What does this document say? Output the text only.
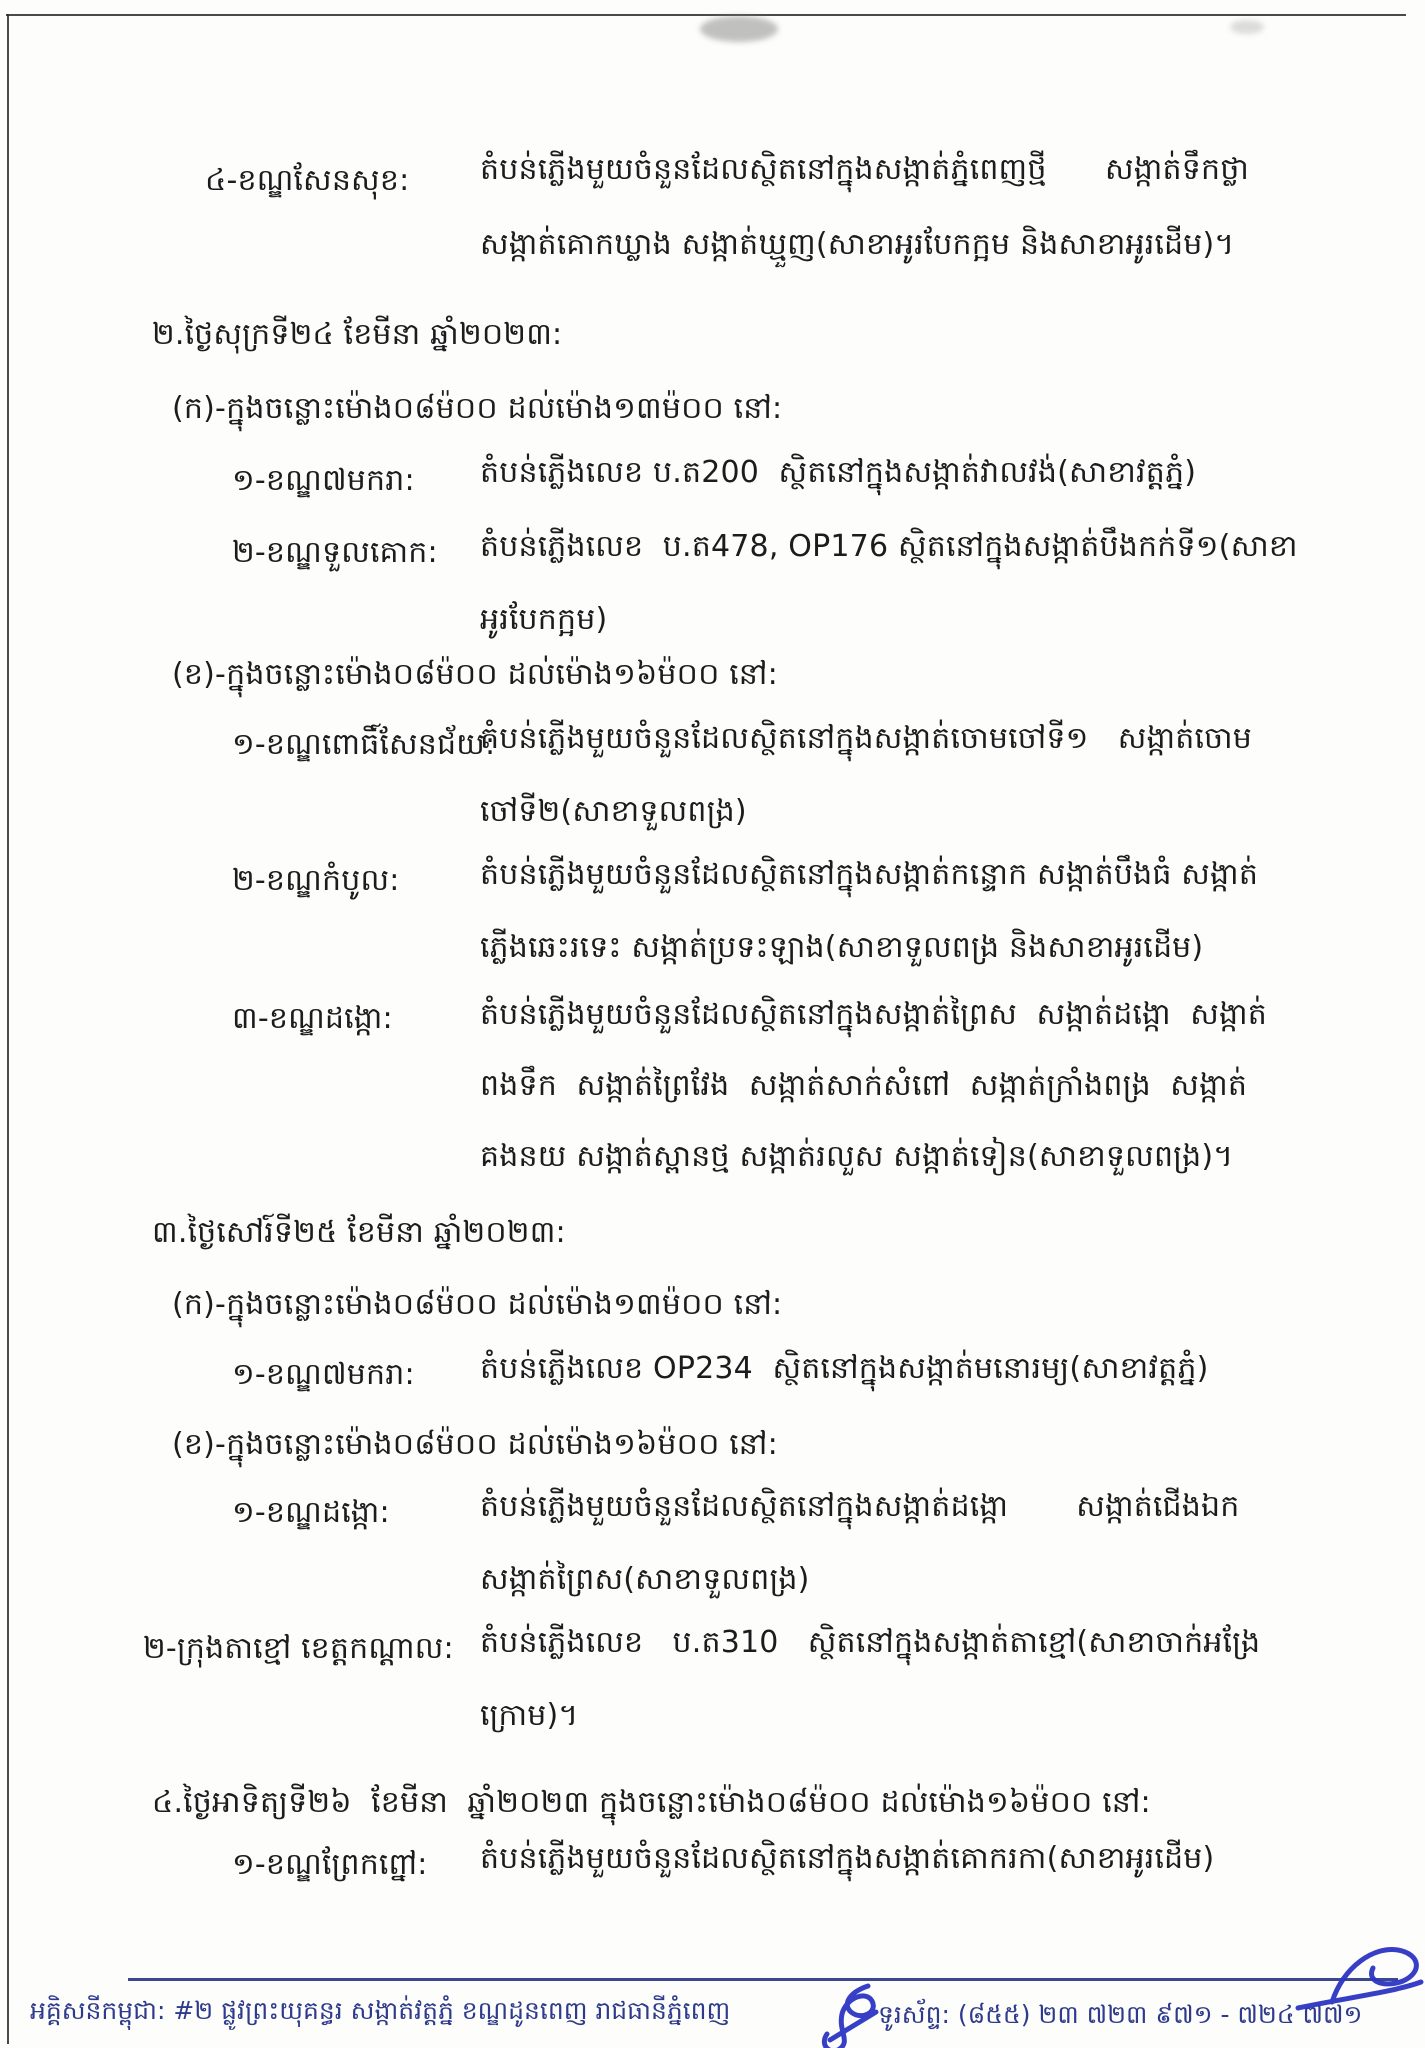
៤-ខណ្ឌសែនសុខ: តំបន់ភ្លើងមួយចំនួនដែលស្ថិតនៅក្នុងសង្កាត់ភ្នំពេញថ្មី      សង្កាត់ទឹកថ្លា
សង្កាត់គោកឃ្លាង សង្កាត់ឃ្មួញ(សាខាអូរបែកក្អម និងសាខាអូរដើម)។
២.ថ្ងៃសុក្រទី២៤ ខែមីនា ឆ្នាំ២០២៣:
(ក)-ក្នុងចន្លោះម៉ោង០៨ម៉០០ ដល់ម៉ោង១៣ម៉០០ នៅ:
១-ខណ្ឌ៧មករា: តំបន់ភ្លើងលេខ ប.ត200  ស្ថិតនៅក្នុងសង្កាត់វាលវង់(សាខាវត្តភ្នំ)
២-ខណ្ឌទួលគោក: តំបន់ភ្លើងលេខ  ប.ត478, OP176 ស្ថិតនៅក្នុងសង្កាត់បឹងកក់ទី១(សាខា
អូរបែកក្អម)
(ខ)-ក្នុងចន្លោះម៉ោង០៨ម៉០០ ដល់ម៉ោង១៦ម៉០០ នៅ:
១-ខណ្ឌពោធិ៍សែនជ័យ:
តំបន់ភ្លើងមួយចំនួនដែលស្ថិតនៅក្នុងសង្កាត់ចោមចៅទី១   សង្កាត់ចោម
ចៅទី២(សាខាទួលពង្រ)
២-ខណ្ឌកំបូល:	តំបន់ភ្លើងមួយចំនួនដែលស្ថិតនៅក្នុងសង្កាត់កន្ទោក សង្កាត់បឹងធំ សង្កាត់
ភ្លើងឆេះរទេះ សង្កាត់ប្រទះឡាង(សាខាទួលពង្រ និងសាខាអូរដើម)
៣-ខណ្ឌដង្កោ:	តំបន់ភ្លើងមួយចំនួនដែលស្ថិតនៅក្នុងសង្កាត់ព្រៃស  សង្កាត់ដង្កោ  សង្កាត់
ពងទឹក  សង្កាត់ព្រៃវែង  សង្កាត់សាក់សំពៅ  សង្កាត់ក្រាំងពង្រ  សង្កាត់
គងនយ សង្កាត់ស្ពានថ្ម សង្កាត់រលួស សង្កាត់ទៀន(សាខាទួលពង្រ)។
៣.ថ្ងៃសៅរ៍ទី២៥ ខែមីនា ឆ្នាំ២០២៣:
(ក)-ក្នុងចន្លោះម៉ោង០៨ម៉០០ ដល់ម៉ោង១៣ម៉០០ នៅ:
១-ខណ្ឌ៧មករា: តំបន់ភ្លើងលេខ OP234  ស្ថិតនៅក្នុងសង្កាត់មនោរម្យ(សាខាវត្តភ្នំ)
(ខ)-ក្នុងចន្លោះម៉ោង០៨ម៉០០ ដល់ម៉ោង១៦ម៉០០ នៅ:
១-ខណ្ឌដង្កោ:	តំបន់ភ្លើងមួយចំនួនដែលស្ថិតនៅក្នុងសង្កាត់ដង្កោ       សង្កាត់ជើងឯក
សង្កាត់ព្រៃស(សាខាទួលពង្រ)
២-ក្រុងតាខ្មៅ ខេត្តកណ្ដាល: តំបន់ភ្លើងលេខ   ប.ត310   ស្ថិតនៅក្នុងសង្កាត់តាខ្មៅ(សាខាចាក់អង្រែ
ក្រោម)។
៤.ថ្ងៃអាទិត្យទី២៦  ខែមីនា  ឆ្នាំ២០២៣ ក្នុងចន្លោះម៉ោង០៨ម៉០០ ដល់ម៉ោង១៦ម៉០០ នៅ:
១-ខណ្ឌព្រែកព្នៅ: តំបន់ភ្លើងមួយចំនួនដែលស្ថិតនៅក្នុងសង្កាត់គោករកា(សាខាអូរដើម)
អគ្គិសនីកម្ពុជា: #២ ផ្លូវព្រះយុគន្ធរ សង្កាត់វត្តភ្នំ ខណ្ឌដូនពេញ រាជធានីភ្នំពេញ	ទូរស័ព្ទ: (៨៥៥) ២៣ ៧២៣ ៩៧១ - ៧២៤ ៧៧១
